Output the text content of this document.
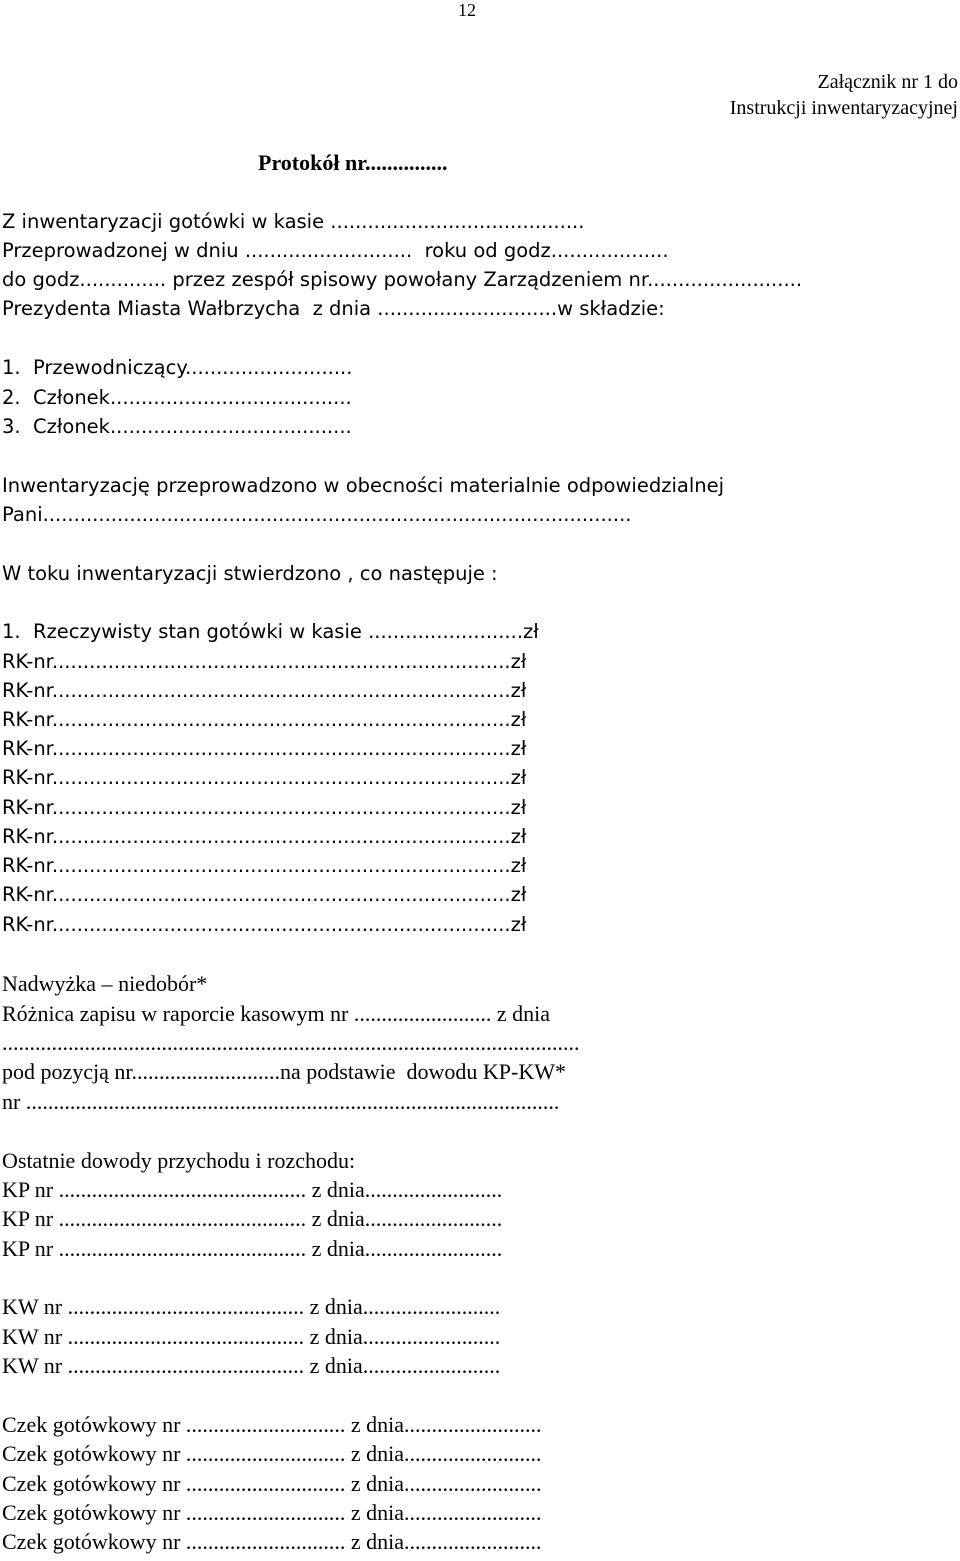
12
Załącznik nr 1 do
Instrukcji inwentaryzacyjnej
Protokół nr...............
Z inwentaryzacji gotówki w kasie .........................................
Przeprowadzonej w dniu ...........................  roku od godz...................
do godz.............. przez zespół spisowy powołany Zarządzeniem nr.........................
Prezydenta Miasta Wałbrzycha  z dnia .............................w składzie:
1.  Przewodniczący...........................
2.  Członek.......................................
3.  Członek.......................................
Inwentaryzację przeprowadzono w obecności materialnie odpowiedzialnej
Pani...............................................................................................
W toku inwentaryzacji stwierdzono , co następuje :
1.  Rzeczywisty stan gotówki w kasie .........................zł
RK-nr..........................................................................zł
RK-nr..........................................................................zł
RK-nr..........................................................................zł
RK-nr..........................................................................zł
RK-nr..........................................................................zł
RK-nr..........................................................................zł
RK-nr..........................................................................zł
RK-nr..........................................................................zł
RK-nr..........................................................................zł
RK-nr..........................................................................zł
Nadwyżka – niedobór*
Różnica zapisu w raporcie kasowym nr ......................... z dnia
.........................................................................................................
pod pozycją nr...........................na podstawie  dowodu KP-KW*
nr .................................................................................................
Ostatnie dowody przychodu i rozchodu:
KP nr ............................................. z dnia.........................
KP nr ............................................. z dnia.........................
KP nr ............................................. z dnia.........................
KW nr ........................................... z dnia.........................
KW nr ........................................... z dnia.........................
KW nr ........................................... z dnia.........................
Czek gotówkowy nr ............................. z dnia.........................
Czek gotówkowy nr ............................. z dnia.........................
Czek gotówkowy nr ............................. z dnia.........................
Czek gotówkowy nr ............................. z dnia.........................
Czek gotówkowy nr ............................. z dnia.........................
